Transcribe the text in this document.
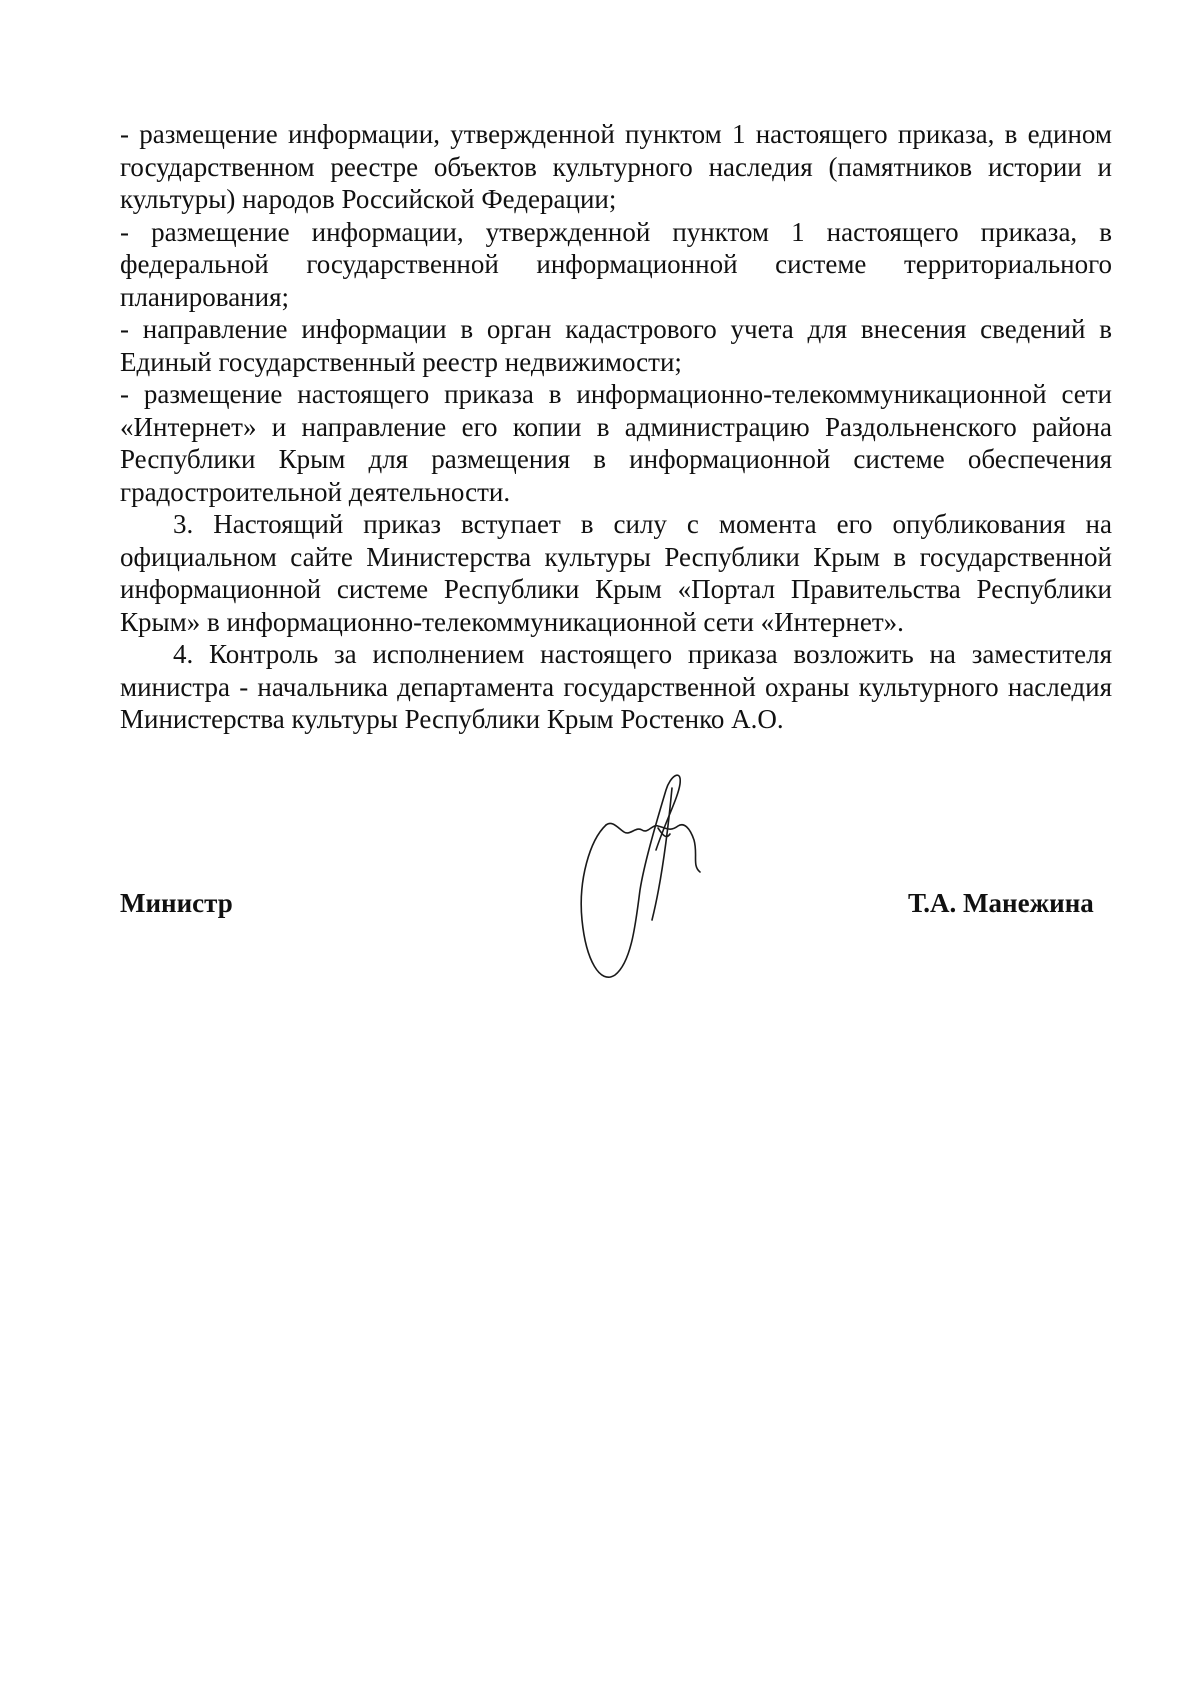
- размещение информации, утвержденной пунктом 1 настоящего приказа, в едином государственном реестре объектов культурного наследия (памятников истории и культуры) народов Российской Федерации;

- размещение информации, утвержденной пунктом 1 настоящего приказа, в федеральной государственной информационной системе территориального планирования;

- направление информации в орган кадастрового учета для внесения сведений в Единый государственный реестр недвижимости;

- размещение настоящего приказа в информационно-телекоммуникационной сети «Интернет» и направление его копии в администрацию Раздольненского района Республики Крым для размещения в информационной системе обеспечения градостроительной деятельности.

3. Настоящий приказ вступает в силу с момента его опубликования на официальном сайте Министерства культуры Республики Крым в государственной информационной системе Республики Крым «Портал Правительства Республики Крым» в информационно-телекоммуникационной сети «Интернет».

4. Контроль за исполнением настоящего приказа возложить на заместителя министра - начальника департамента государственной охраны культурного наследия Министерства культуры Республики Крым Ростенко А.О.

Министр	Т.А. Манежина
